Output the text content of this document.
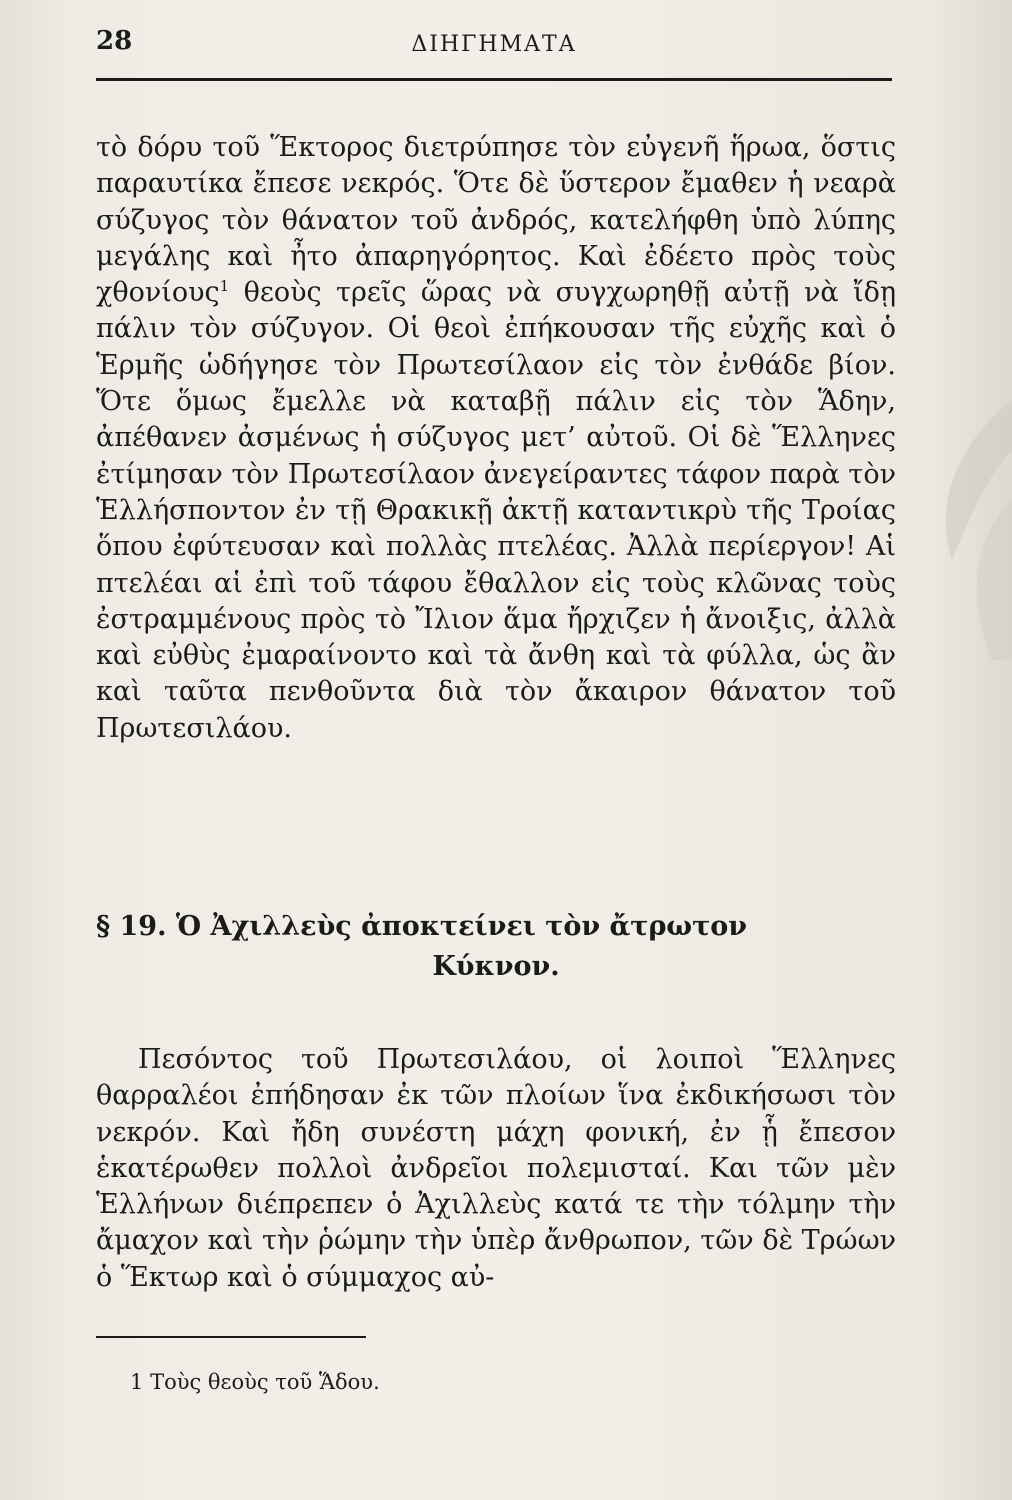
28	ΔΙΗΓΗΜΑΤΑ

τὸ δόρυ τοῦ Ἕκτορος διετρύπησε τὸν εὐγενῆ ἥρωα, ὅστις παραυτίκα ἔπεσε νεκρός. Ὅτε δὲ ὕστερον ἔμαθεν ἡ νεαρὰ σύζυγος τὸν θάνατον τοῦ ἀνδρός, κατελήφθη ὑπὸ λύπης μεγάλης καὶ ἦτο ἀπαρηγόρητος. Καὶ ἐδέετο πρὸς τοὺς χθονίους$^1$ θεοὺς τρεῖς ὥρας νὰ συγχωρηθῇ αὐτῇ νὰ ἴδῃ πάλιν τὸν σύζυγον. Οἱ θεοὶ ἐπήκουσαν τῆς εὐχῆς καὶ ὁ Ἑρμῆς ὡδήγησε τὸν Πρωτεσίλαον εἰς τὸν ἐνθάδε βίον. Ὅτε ὅμως ἔμελλε νὰ καταβῇ πάλιν εἰς τὸν Ἅδην, ἀπέθανεν ἀσμένως ἡ σύζυγος μετ’ αὐτοῦ. Οἱ δὲ Ἕλληνες ἐτίμησαν τὸν Πρωτεσίλαον ἀνεγείραντες τάφον παρὰ τὸν Ἑλλήσποντον ἐν τῇ Θρακικῇ ἀκτῇ καταντικρὺ τῆς Τροίας ὅπου ἐφύτευσαν καὶ πολλὰς πτελέας. Ἀλλὰ περίεργον! Αἱ πτελέαι αἱ ἐπὶ τοῦ τάφου ἔθαλλον εἰς τοὺς κλῶνας τοὺς ἐστραμμένους πρὸς τὸ Ἴλιον ἅμα ἤρχιζεν ἡ ἄνοιξις, ἀλλὰ καὶ εὐθὺς ἐμαραίνοντο καὶ τὰ ἄνθη καὶ τὰ φύλλα, ὡς ἂν καὶ ταῦτα πενθοῦντα διὰ τὸν ἄκαιρον θάνατον τοῦ Πρωτεσιλάου.

§ 19. Ὁ Ἀχιλλεὺς ἀποκτείνει τὸν ἄτρωτον
Κύκνον.

Πεσόντος τοῦ Πρωτεσιλάου, οἱ λοιποὶ Ἕλληνες θαρραλέοι ἐπήδησαν ἐκ τῶν πλοίων ἵνα ἐκδικήσωσι τὸν νεκρόν. Καὶ ἤδη συνέστη μάχη φονική, ἐν ᾗ ἔπεσον ἑκατέρωθεν πολλοὶ ἀνδρεῖοι πολεμισταί. Και τῶν μὲν Ἑλλήνων διέπρεπεν ὁ Ἀχιλλεὺς κατά τε τὴν τόλμην τὴν ἄμαχον καὶ τὴν ῥώμην τὴν ὑπὲρ ἄνθρωπον, τῶν δὲ Τρώων ὁ Ἕκτωρ καὶ ὁ σύμμαχος αὐ-

1 Τοὺς θεοὺς τοῦ Ἅδου.
